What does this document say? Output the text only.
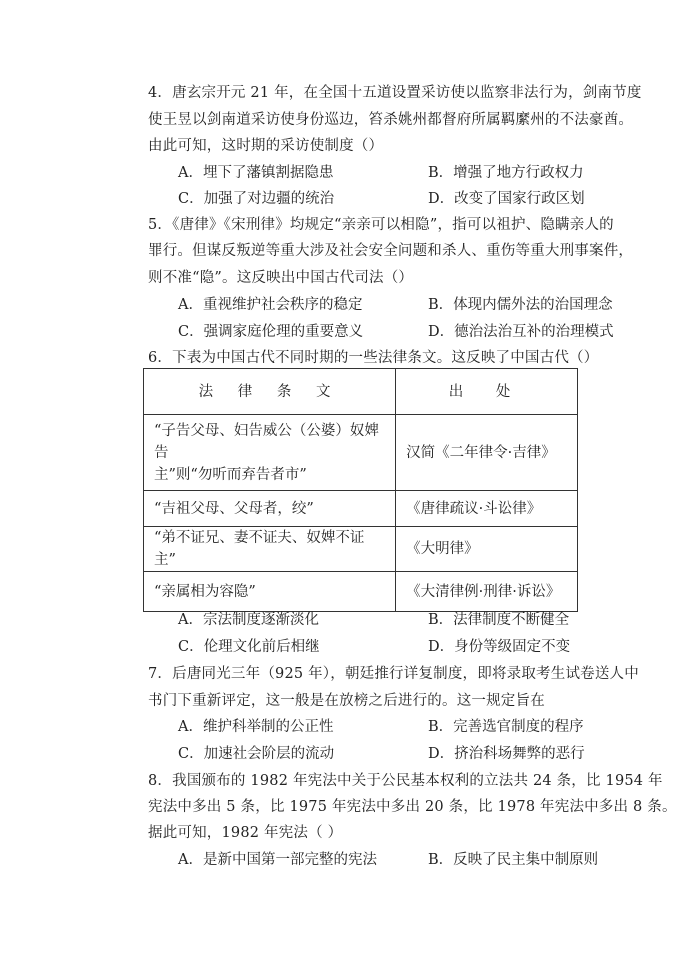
4．唐玄宗开元 21 年，在全国十五道设置采访使以监察非法行为，剑南节度
使王昱以剑南道采访使身份巡边，笞杀姚州都督府所属羁縻州的不法豪酋。
由此可知，这时期的采访使制度（）
A．埋下了藩镇割据隐患	B．增强了地方行政权力
C．加强了对边疆的统治	D．改变了国家行政区划
5．《唐律》《宋刑律》均规定“亲亲可以相隐”，指可以祖护、隐瞒亲人的
罪行。但谋反叛逆等重大涉及社会安全问题和杀人、重伤等重大刑事案件，
则不准“隐”。这反映出中国古代司法（）
A．重视维护社会秩序的稳定	B．体现内儒外法的治国理念
C．强调家庭伦理的重要意义	D．德治法治互补的治理模式
6．下表为中国古代不同时期的一些法律条文。这反映了中国古代（）
法 律 条 文	出 处

“子告父母、妇告威公（公婆）奴婢告
主”则“勿听而弃告者市”	汉简《二年律令·吉律》
“吉祖父母、父母者，绞”	《唐律疏议·斗讼律》
“弟不证兄、妻不证夫、奴婢不证主”	《大明律》
“亲属相为容隐”	《大清律例·刑律·诉讼》
A．宗法制度逐渐淡化	B．法律制度不断健全
C．伦理文化前后相继	D．身份等级固定不变
7．后唐同光三年（925 年），朝廷推行详复制度，即将录取考生试卷送人中
书门下重新评定，这一般是在放榜之后进行的。这一规定旨在
A．维护科举制的公正性	B．完善选官制度的程序
C．加速社会阶层的流动	D．挤治科场舞弊的恶行
8．我国颁布的 1982 年宪法中关于公民基本权利的立法共 24 条，比 1954 年
宪法中多出 5 条，比 1975 年宪法中多出 20 条，比 1978 年宪法中多出 8 条。
据此可知，1982 年宪法（ ）
A．是新中国第一部完整的宪法	B．反映了民主集中制原则
